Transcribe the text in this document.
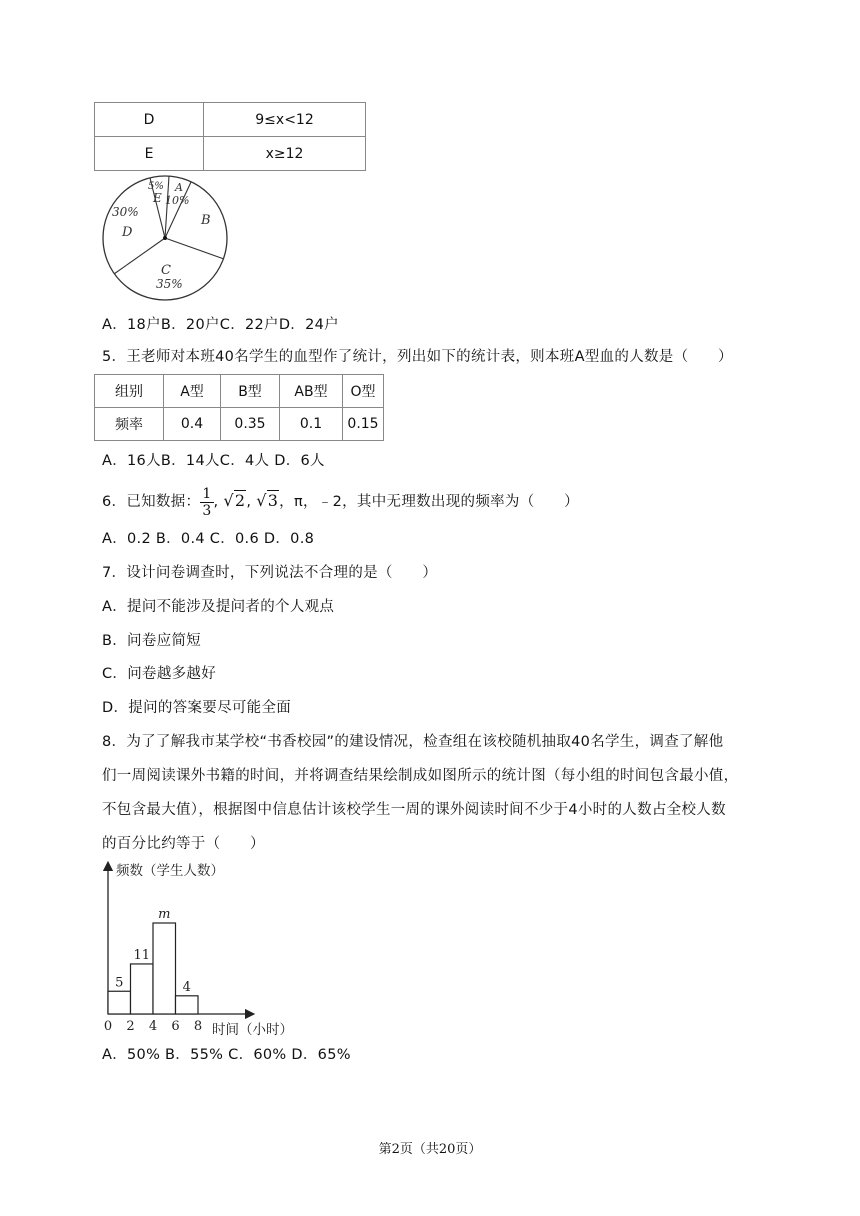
D	9≤x<12
E	x≥12
5%
E
A
10%
B
30%
D
C
35%
A．18户B．20户C．22户D．24户
5．王老师对本班40名学生的血型作了统计，列出如下的统计表，则本班A型血的人数是（　　）
组别	A型	B型	AB型	O型
频率	0.4	0.35	0.1	0.15
A．16人B．14人C．4人 D．6人
6．已知数据： $\frac{1}{3}$ , √2, √3，π，﹣2，其中无理数出现的频率为（　　）
A．0.2 B．0.4 C．0.6 D．0.8
7．设计问卷调查时，下列说法不合理的是（　　）
A．提问不能涉及提问者的个人观点
B．问卷应简短
C．问卷越多越好
D．提问的答案要尽可能全面
8．为了了解我市某学校“书香校园”的建设情况，检查组在该校随机抽取40名学生，调查了解他
们一周阅读课外书籍的时间，并将调查结果绘制成如图所示的统计图（每小组的时间包含最小值，
不包含最大值），根据图中信息估计该校学生一周的课外阅读时间不少于4小时的人数占全校人数
的百分比约等于（　　）
频数（学生人数）
时间（小时）
5
11
m
4
0 2 4 6 8
A．50% B．55% C．60% D．65%
第2页（共20页）
